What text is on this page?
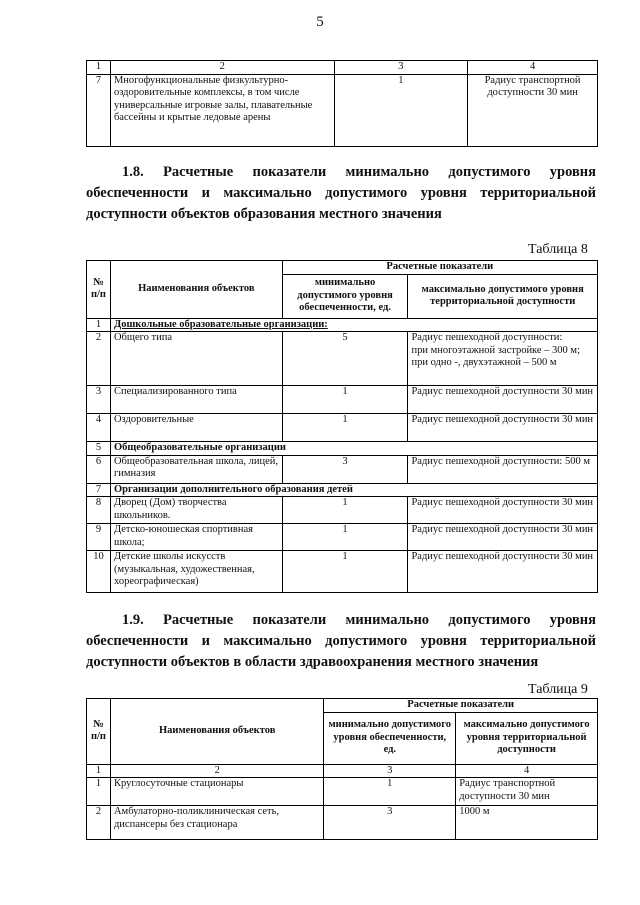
5
1	2	3	4
7	Многофункциональные физкультурно-оздоровительные комплексы, в том числе универсальные игровые залы, плавательные бассейны и крытые ледовые арены	1	Радиус транспортной доступности 30 мин
1.8. Расчетные показатели минимально допустимого уровня
обеспеченности и максимально допустимого уровня территориальной
доступности объектов образования местного значения
Таблица 8
№ п/п	Наименования объектов	Расчетные показатели	
		минимально допустимого уровня обеспеченности, ед.	максимально допустимого уровня территориальной доступности
1	Дошкольные образовательные организации:		
2	Общего типа	5	Радиус пешеходной доступности:
при многоэтажной застройке – 300 м;
при одно -, двухэтажной – 500 м

3	Специализированного типа	1	Радиус пешеходной доступности 30 мин
4	Оздоровительные	1	Радиус пешеходной доступности 30 мин
5	Общеобразовательные организации		
6	Общеобразовательная школа, лицей, гимназия	3	Радиус пешеходной доступности: 500 м
7	Организации дополнительного образования детей		
8	Дворец (Дом) творчества школьников.	1	Радиус пешеходной доступности 30 мин
9	Детско-юношеская спортивная школа;	1	Радиус пешеходной доступности 30 мин
10	Детские школы искусств (музыкальная, художественная, хореографическая)	1	Радиус пешеходной доступности 30 мин
1.9. Расчетные показатели минимально допустимого уровня
обеспеченности и максимально допустимого уровня территориальной
доступности объектов в области здравоохранения местного значения
Таблица 9
№ п/п	Наименования объектов	Расчетные показатели	
		минимально допустимого уровня обеспеченности, ед.	максимально допустимого уровня территориальной доступности
1	2	3	4
1	Круглосуточные стационары	1	Радиус транспортной доступности 30 мин
2	Амбулаторно-поликлиническая сеть, диспансеры без стационара	3	1000 м
